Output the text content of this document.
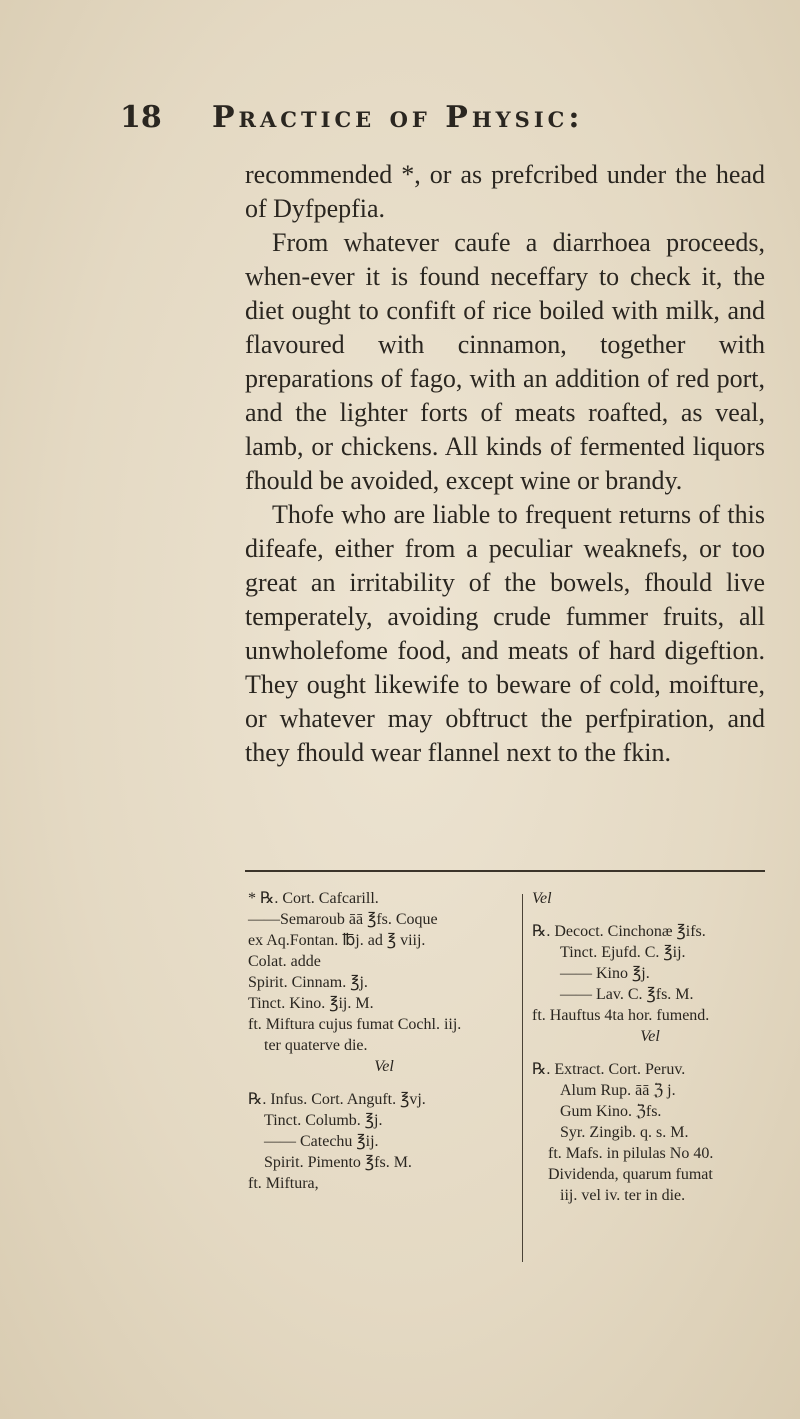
18 Practice of Physic:

recommended *, or as prefcribed under the head of Dyfpepfia.

From whatever caufe a diarrhoea proceeds, when-ever it is found neceffary to check it, the diet ought to confift of rice boiled with milk, and flavoured with cinnamon, together with preparations of fago, with an addition of red port, and the lighter forts of meats roafted, as veal, lamb, or chickens. All kinds of fermented liquors fhould be avoided, except wine or brandy.

Thofe who are liable to frequent returns of this difeafe, either from a peculiar weaknefs, or too great an irritability of the bowels, fhould live temperately, avoiding crude fummer fruits, all unwholefome food, and meats of hard digeftion. They ought likewife to beware of cold, moifture, or whatever may obftruct the perfpiration, and they fhould wear flannel next to the fkin.

* ℞. Cort. Cafcarill.

——Semaroub āā ℥fs. Coque

ex Aq.Fontan. ℔j. ad ℥ viij.

Colat. adde

Spirit. Cinnam. ℥j.

Tinct. Kino. ℥ij. M.

ft. Miftura cujus fumat Cochl. iij.

ter quaterve die.

Vel

℞. Infus. Cort. Anguft. ℥vj.

Tinct. Columb. ℥j.

—— Catechu ℥ij.

Spirit. Pimento ℥fs. M.

ft. Miftura,

Vel

℞. Decoct. Cinchonæ ℥ifs.

Tinct. Ejufd. C. ℥ij.

—— Kino ℥j.

—— Lav. C. ℥fs. M.

ft. Hauftus 4ta hor. fumend.

Vel

℞. Extract. Cort. Peruv.

Alum Rup. āā ℨ j.

Gum Kino. ℨfs.

Syr. Zingib. q. s. M.

ft. Mafs. in pilulas No 40.

Dividenda, quarum fumat

iij. vel iv. ter in die.
